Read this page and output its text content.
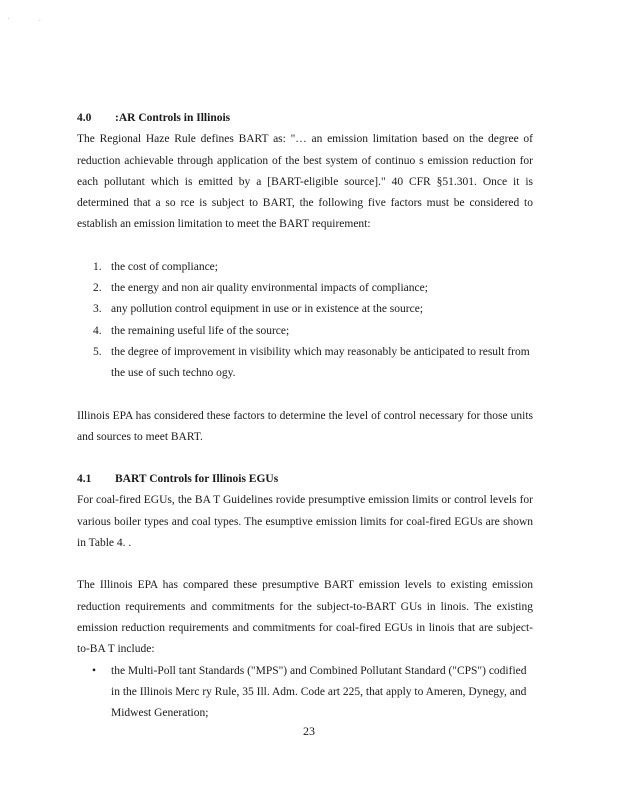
' -

4.0 :AR Controls in Illinois

The Regional Haze Rule defines BART as: "… an emission limitation based on the degree of reduction achievable through application of the best system of continuo s emission reduction for each pollutant which is emitted by a [BART-eligible source]." 40 CFR §51.301. Once it is determined that a so rce is subject to BART, the following five factors must be considered to establish an emission limitation to meet the BART requirement:

1. the cost of compliance;
2. the energy and non air quality environmental impacts of compliance;
3. any pollution control equipment in use or in existence at the source;
4. the remaining useful life of the source;
5. the degree of improvement in visibility which may reasonably be anticipated to result from the use of such techno ogy.

Illinois EPA has considered these factors to determine the level of control necessary for those units and sources to meet BART.

4.1 BART Controls for Illinois EGUs

For coal-fired EGUs, the BA T Guidelines rovide presumptive emission limits or control levels for various boiler types and coal types. The esumptive emission limits for coal-fired EGUs are shown in Table 4. .

The Illinois EPA has compared these presumptive BART emission levels to existing emission reduction requirements and commitments for the subject-to-BART GUs in linois. The existing emission reduction requirements and commitments for coal-fired EGUs in linois that are subject-to-BA T include:

• the Multi-Poll tant Standards ("MPS") and Combined Pollutant Standard ("CPS") codified in the Illinois Merc ry Rule, 35 Ill. Adm. Code art 225, that apply to Ameren, Dynegy, and Midwest Generation;
23
